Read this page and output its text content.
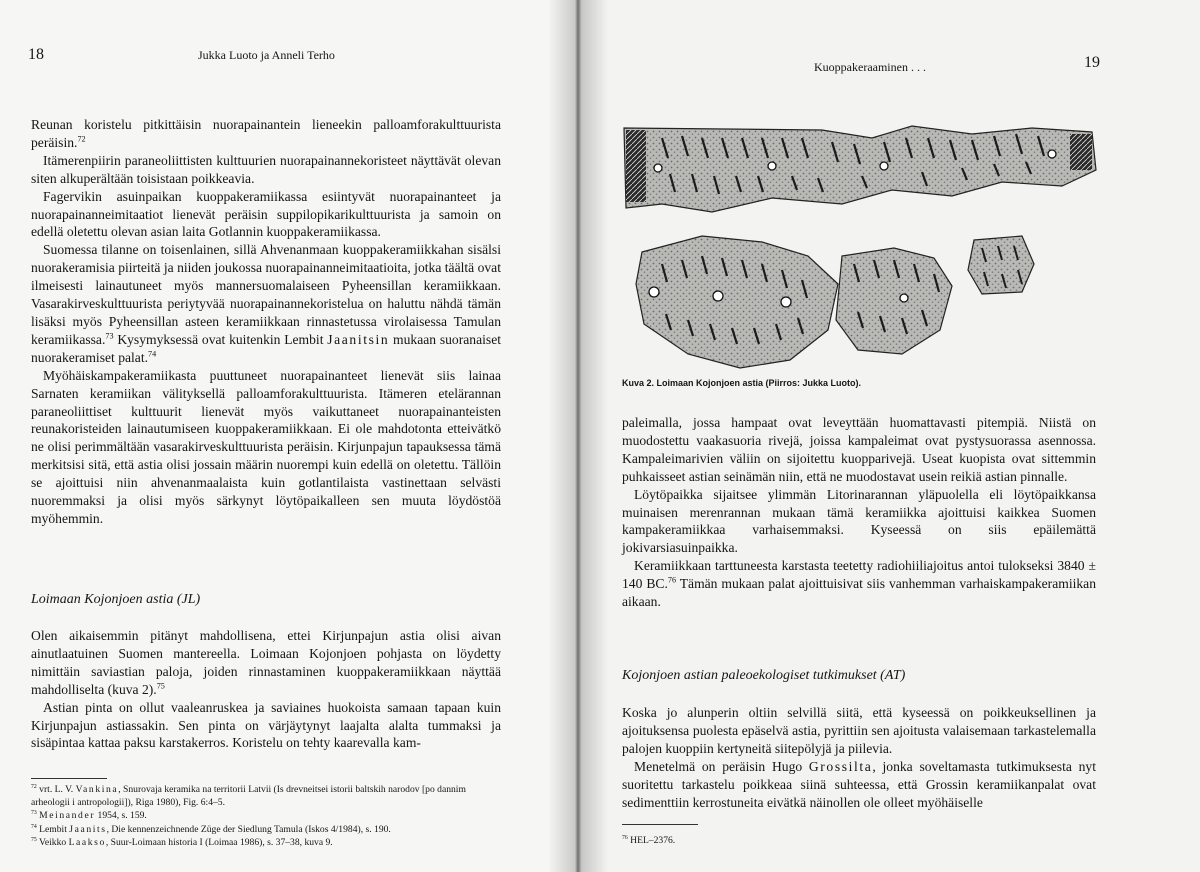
18	Jukka Luoto ja Anneli Terho

Reunan koristelu pitkittäisin nuorapainantein lieneekin palloamforakulttuurista peräisin.$^{72}$

Itämerenpiirin paraneoliittisten kulttuurien nuorapainannekoristeet näyttävät olevan siten alkuperältään toisistaan poikkeavia.

Fagervikin asuinpaikan kuoppakeramiikassa esiintyvät nuorapainanteet ja nuorapainanneimitaatiot lienevät peräisin suppilopikarikulttuurista ja samoin on edellä oletettu olevan asian laita Gotlannin kuoppakeramiikassa.

Suomessa tilanne on toisenlainen, sillä Ahvenanmaan kuoppakeramiikkahan sisälsi nuorakeramisia piirteitä ja niiden joukossa nuorapainanneimitaatioita, jotka täältä ovat ilmeisesti lainautuneet myös mannersuomalaiseen Pyheensillan keramiikkaan. Vasarakirveskulttuurista periytyvää nuorapainannekoristelua on haluttu nähdä tämän lisäksi myös Pyheensillan asteen keramiikkaan rinnastetussa virolaisessa Tamulan keramiikassa.$^{73}$ Kysymyksessä ovat kuitenkin Lembit Jaanitsin mukaan suoranaiset nuorakeramiset palat.$^{74}$

Myöhäiskampakeramiikasta puuttuneet nuorapainanteet lienevät siis lainaa Sarnaten keramiikan välityksellä palloamforakulttuurista. Itämeren etelärannan paraneoliittiset kulttuurit lienevät myös vaikuttaneet nuorapainanteisten reunakoristeiden lainautumiseen kuoppakeramiikkaan. Ei ole mahdotonta etteivätkö ne olisi perimmältään vasarakirveskulttuurista peräisin. Kirjunpajun tapauksessa tämä merkitsisi sitä, että astia olisi jossain määrin nuorempi kuin edellä on oletettu. Tällöin se ajoittuisi niin ahvenanmaalaista kuin gotlantilaista vastinettaan selvästi nuoremmaksi ja olisi myös särkynyt löytöpaikalleen sen muuta löydöstöä myöhemmin.

Loimaan Kojonjoen astia (JL)

Olen aikaisemmin pitänyt mahdollisena, ettei Kirjunpajun astia olisi aivan ainutlaatuinen Suomen mantereella. Loimaan Kojonjoen pohjasta on löydetty nimittäin saviastian paloja, joiden rinnastaminen kuoppakeramiikkaan näyttää mahdolliselta (kuva 2).$^{75}$

Astian pinta on ollut vaaleanruskea ja saviaines huokoista samaan tapaan kuin Kirjunpajun astiassakin. Sen pinta on värjäytynyt laajalta alalta tummaksi ja sisäpintaa kattaa paksu karstakerros. Koristelu on tehty kaarevalla kam-

$^{72}$ vrt. L. V. Vankina, Snurovaja keramika na territorii Latvii (Is drevneitsei istorii baltskih narodov [po dannim arheologii i antropologii]), Riga 1980), Fig. 6:4–5.
$^{73}$ Meinander 1954, s. 159.
$^{74}$ Lembit Jaanits, Die kennenzeichnende Züge der Siedlung Tamula (Iskos 4/1984), s. 190.
$^{75}$ Veikko Laakso, Suur-Loimaan historia I (Loimaa 1986), s. 37–38, kuva 9.
Kuoppakeraaminen . . .	19
Kuva 2. Loimaan Kojonjoen astia (Piirros: Jukka Luoto).

paleimalla, jossa hampaat ovat leveyttään huomattavasti pitempiä. Niistä on muodostettu vaakasuoria rivejä, joissa kampaleimat ovat pystysuorassa asennossa. Kampaleimarivien väliin on sijoitettu kuopparivejä. Useat kuopista ovat sittemmin puhkaisseet astian seinämän niin, että ne muodostavat usein reikiä astian pinnalle.

Löytöpaikka sijaitsee ylimmän Litorinarannan yläpuolella eli löytöpaikkansa muinaisen merenrannan mukaan tämä keramiikka ajoittuisi kaikkea Suomen kampakeramiikkaa varhaisemmaksi. Kyseessä on siis epäilemättä jokivarsiasuinpaikka.

Keramiikkaan tarttuneesta karstasta teetetty radiohiiliajoitus antoi tulokseksi 3840 ± 140 BC.$^{76}$ Tämän mukaan palat ajoittuisivat siis vanhemman varhaiskampakeramiikan aikaan.

Kojonjoen astian paleoekologiset tutkimukset (AT)

Koska jo alunperin oltiin selvillä siitä, että kyseessä on poikkeuksellinen ja ajoituksensa puolesta epäselvä astia, pyrittiin sen ajoitusta valaisemaan tarkastelemalla palojen kuoppiin kertyneitä siitepölyjä ja piilevia.

Menetelmä on peräisin Hugo Grossilta, jonka soveltamasta tutkimuksesta nyt suoritettu tarkastelu poikkeaa siinä suhteessa, että Grossin keramiikanpalat ovat sedimenttiin kerrostuneita eivätkä näinollen ole olleet myöhäiselle

$^{76}$ HEL–2376.
